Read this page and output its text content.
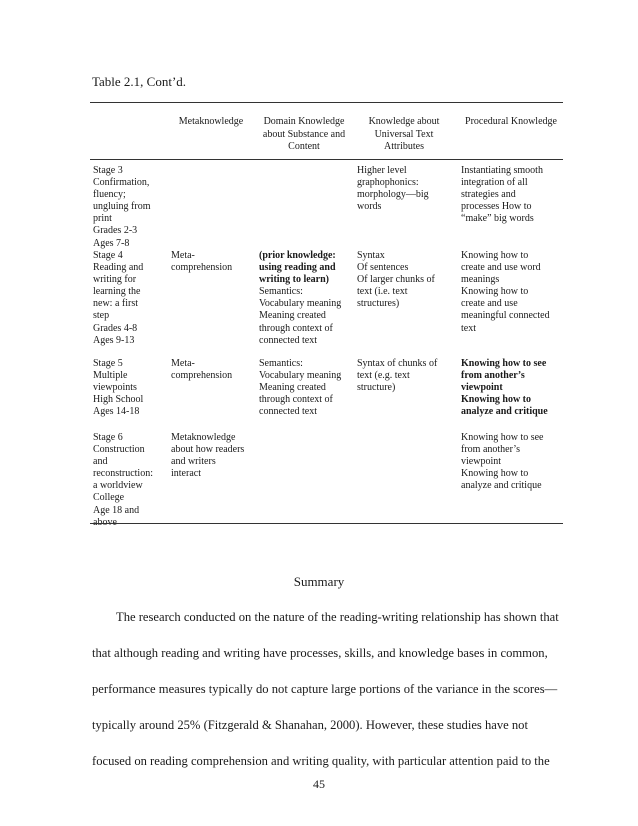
Table 2.1, Cont’d.
Metaknowledge	Domain Knowledge
about Substance and
Content
Knowledge about
Universal Text
Attributes
Procedural Knowledge
Stage 3
Confirmation,
fluency;
ungluing from
print
Grades 2-3
Ages 7-8
Higher level
graphophonics:
morphology—big
words
Instantiating smooth
integration of all
strategies and
processes How to
“make” big words
Stage 4
Reading and
writing for
learning the
new: a first
step
Grades 4-8
Ages 9-13
Meta-
comprehension
(prior knowledge:
using reading and
writing to learn)
Semantics:
Vocabulary meaning
Meaning created
through context of
connected text
Syntax
Of sentences
Of larger chunks of
text (i.e. text
structures)
Knowing how to
create and use word
meanings
Knowing how to
create and use
meaningful connected
text
Stage 5
Multiple
viewpoints
High School
Ages 14-18
Meta-
comprehension
Semantics:
Vocabulary meaning
Meaning created
through context of
connected text
Syntax of chunks of
text (e.g. text
structure)
Knowing how to see
from another’s
viewpoint
Knowing how to
analyze and critique
Stage 6
Construction
and
reconstruction:
a worldview
College
Age 18 and
above
Metaknowledge
about how readers
and writers
interact
Knowing how to see
from another’s
viewpoint
Knowing how to
analyze and critique
Summary
The research conducted on the nature of the reading-writing relationship has shown that
that although reading and writing have processes, skills, and knowledge bases in common,
performance measures typically do not capture large portions of the variance in the scores—
typically around 25% (Fitzgerald & Shanahan, 2000). However, these studies have not
focused on reading comprehension and writing quality, with particular attention paid to the
45
